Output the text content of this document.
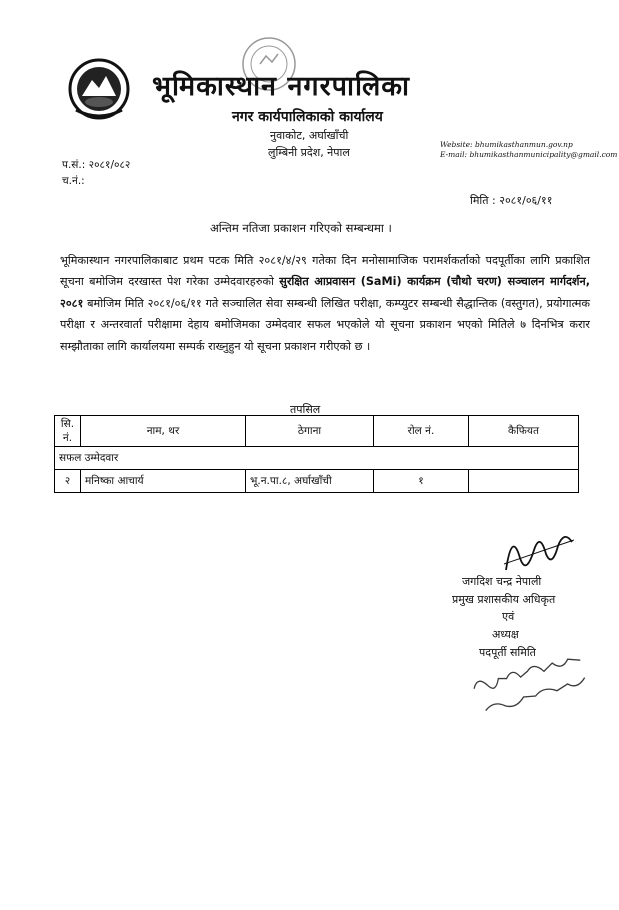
भूमिकास्थान नगरपालिका
नगर कार्यपालिकाको कार्यालय
नुवाकोट, अर्घाखाँची
लुम्बिनी प्रदेश, नेपाल
Website: bhumikasthanmun.gov.np
E-mail: bhumikasthanmunicipality@gmail.com
प.सं.: २०८१/०८२
च.नं.:
मिति : २०८१/०६/११
अन्तिम नतिजा प्रकाशन गरिएको सम्बन्धमा ।
भूमिकास्थान नगरपालिकाबाट प्रथम पटक मिति २०८१/४/२९ गतेका दिन मनोसामाजिक परामर्शकर्ताको पदपूर्तीका लागि प्रकाशित सूचना बमोजिम दरखास्त पेश गरेका उम्मेदवारहरुको सुरक्षित आप्रवासन (SaMi) कार्यक्रम (चौथो चरण) सञ्चालन मार्गदर्शन, २०८१ बमोजिम मिति २०८१/०६/११ गते सञ्चालित सेवा सम्बन्धी लिखित परीक्षा, कम्प्युटर सम्बन्धी सैद्धान्तिक (वस्तुगत), प्रयोगात्मक परीक्षा र अन्तरवार्ता परीक्षामा देहाय बमोजिमका उम्मेदवार सफल भएकोले यो सूचना प्रकाशन भएको मितिले ७ दिनभित्र करार सम्झौताका लागि कार्यालयमा सम्पर्क राख्नुहुन यो सूचना प्रकाशन गरीएको छ ।
तपसिल
सि. नं.	नाम, थर	ठेगाना	रोल नं.	कैफियत
सफल उम्मेदवार				
२	मनिष्का आचार्य	भू.न.पा.८, अर्घाखाँची	१	
जगदिश चन्द्र नेपाली
प्रमुख प्रशासकीय अधिकृत
एवं
अध्यक्ष
पदपूर्ती समिति
